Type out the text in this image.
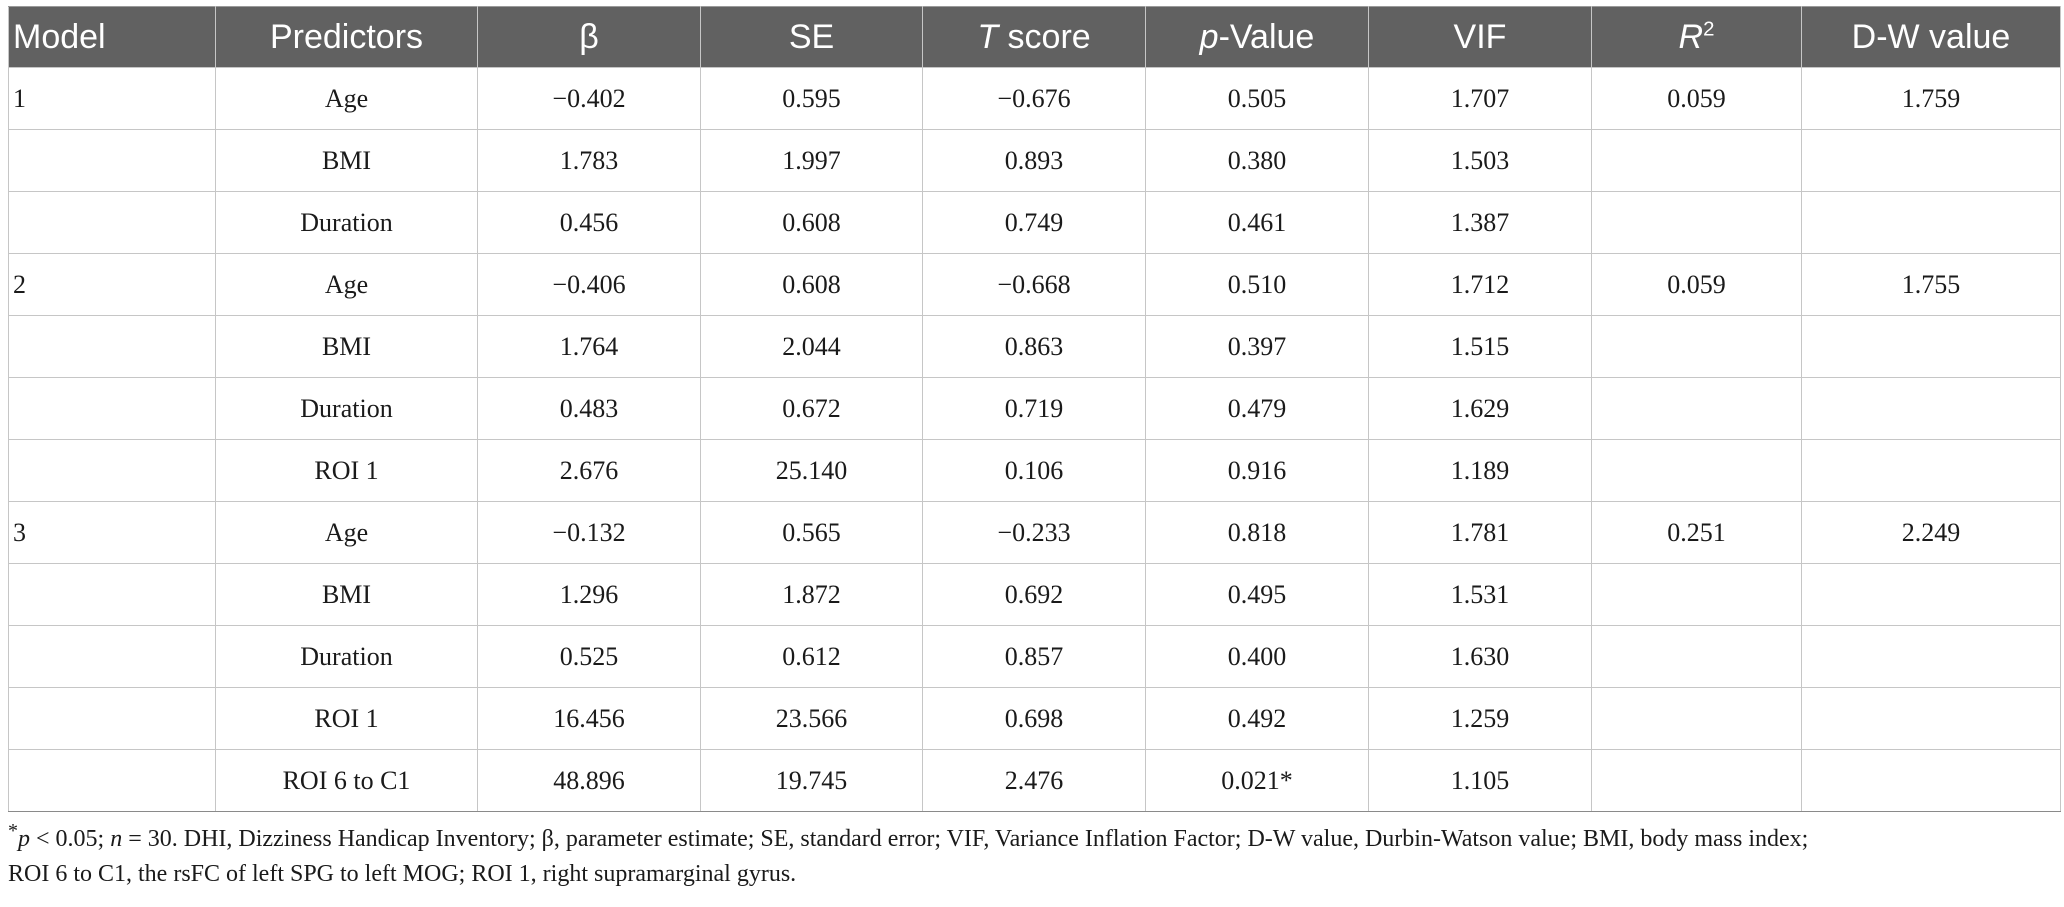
Model	Predictors	β	SE	T score	p-Value	VIF	$R^2$	D-W value
1	Age	−0.402	0.595	−0.676	0.505	1.707	0.059	1.759
	BMI	1.783	1.997	0.893	0.380	1.503		
	Duration	0.456	0.608	0.749	0.461	1.387		
2	Age	−0.406	0.608	−0.668	0.510	1.712	0.059	1.755
	BMI	1.764	2.044	0.863	0.397	1.515		
	Duration	0.483	0.672	0.719	0.479	1.629		
	ROI 1	2.676	25.140	0.106	0.916	1.189		
3	Age	−0.132	0.565	−0.233	0.818	1.781	0.251	2.249
	BMI	1.296	1.872	0.692	0.495	1.531		
	Duration	0.525	0.612	0.857	0.400	1.630		
	ROI 1	16.456	23.566	0.698	0.492	1.259		
	ROI 6 to C1	48.896	19.745	2.476	0.021*	1.105		

*p < 0.05; n = 30. DHI, Dizziness Handicap Inventory; β, parameter estimate; SE, standard error; VIF, Variance Inflation Factor; D-W value, Durbin-Watson value; BMI, body mass index;

ROI 6 to C1, the rsFC of left SPG to left MOG; ROI 1, right supramarginal gyrus.
